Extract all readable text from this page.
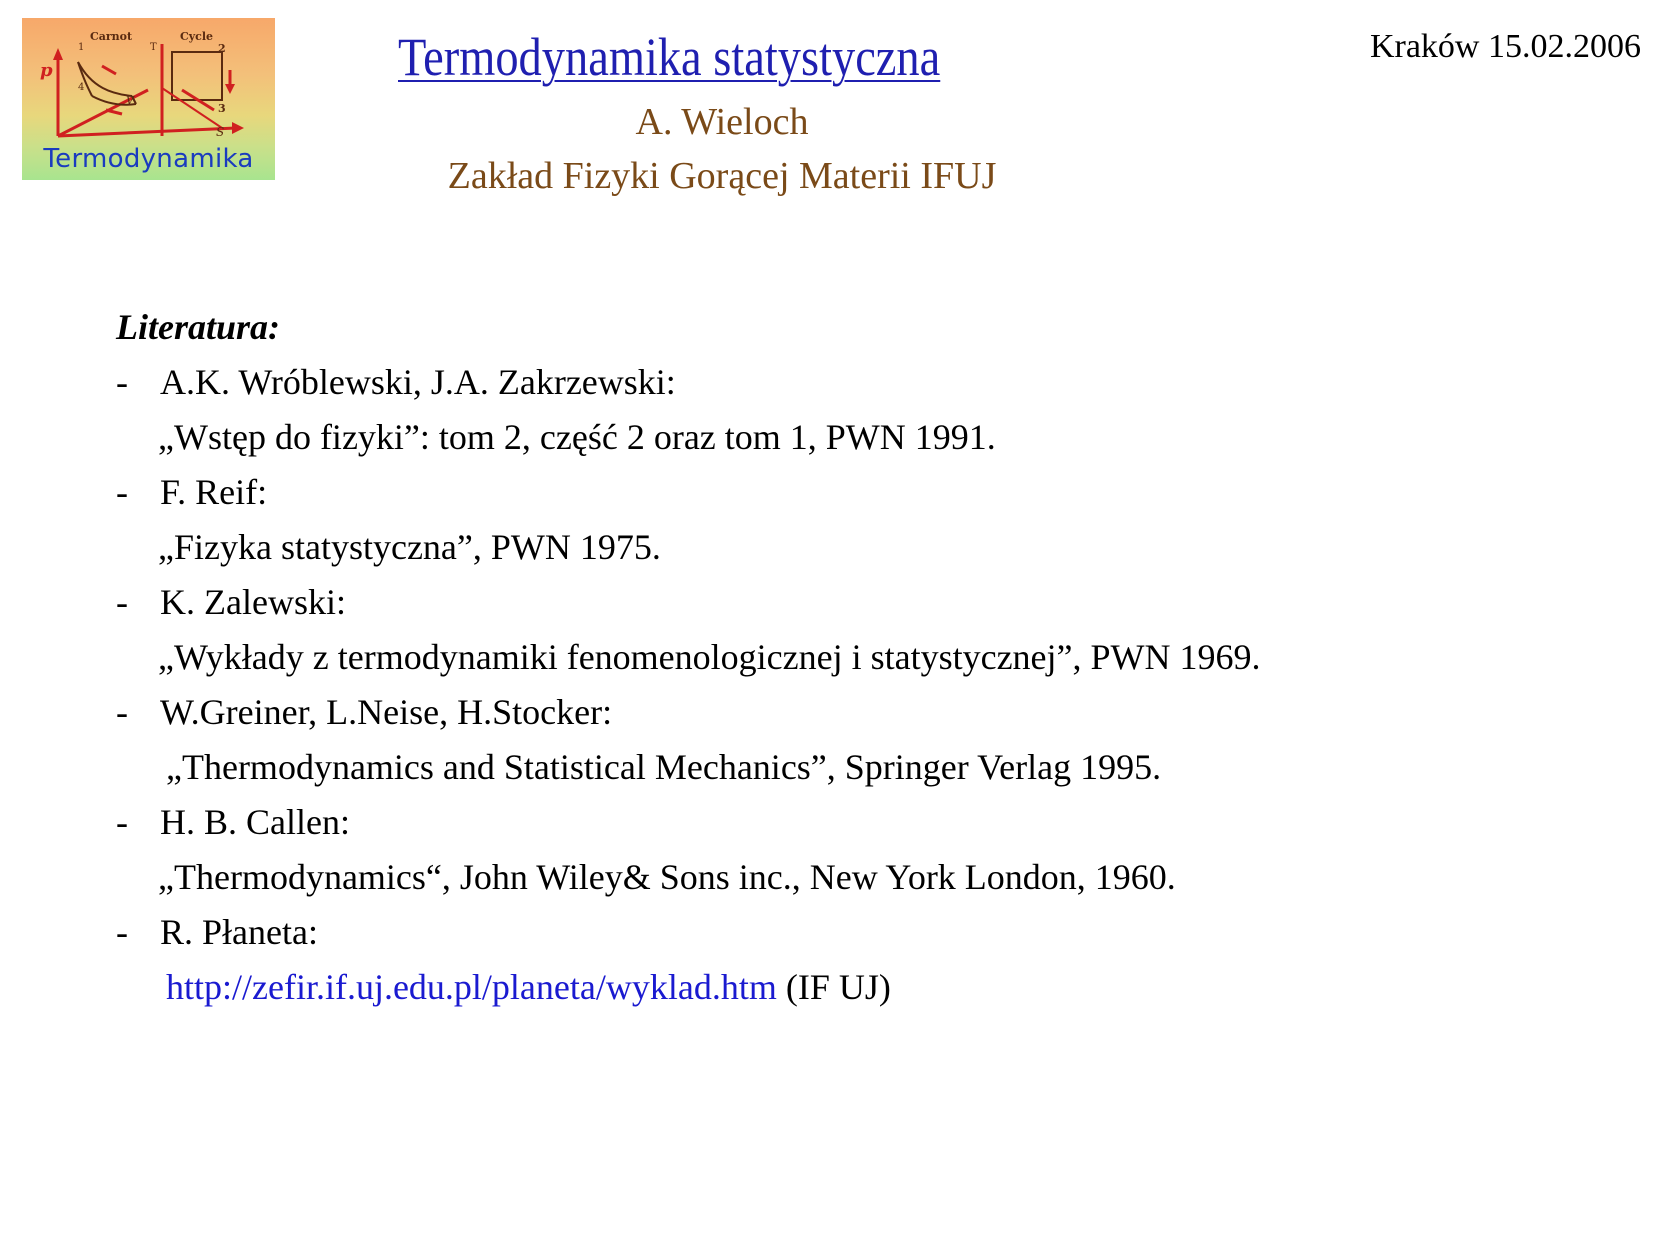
Carnot	Cycle
p
V
T
S
1	2
3
4
Termodynamika
Termodynamika statystyczna	Kraków 15.02.2006
A. Wieloch
Zakład Fizyki Gorącej Materii IFUJ
Literatura:
- A.K. Wróblewski, J.A. Zakrzewski:
„Wstęp do fizyki”: tom 2, część 2 oraz tom 1, PWN 1991.
- F. Reif:
„Fizyka statystyczna”, PWN 1975.
- K. Zalewski:
„Wykłady z termodynamiki fenomenologicznej i statystycznej”, PWN 1969.
- W.Greiner, L.Neise, H.Stocker:
„Thermodynamics and Statistical Mechanics”, Springer Verlag 1995.
- H. B. Callen:
„Thermodynamics“, John Wiley& Sons inc., New York London, 1960.
- R. Płaneta:
http://zefir.if.uj.edu.pl/planeta/wyklad.htm (IF UJ)
